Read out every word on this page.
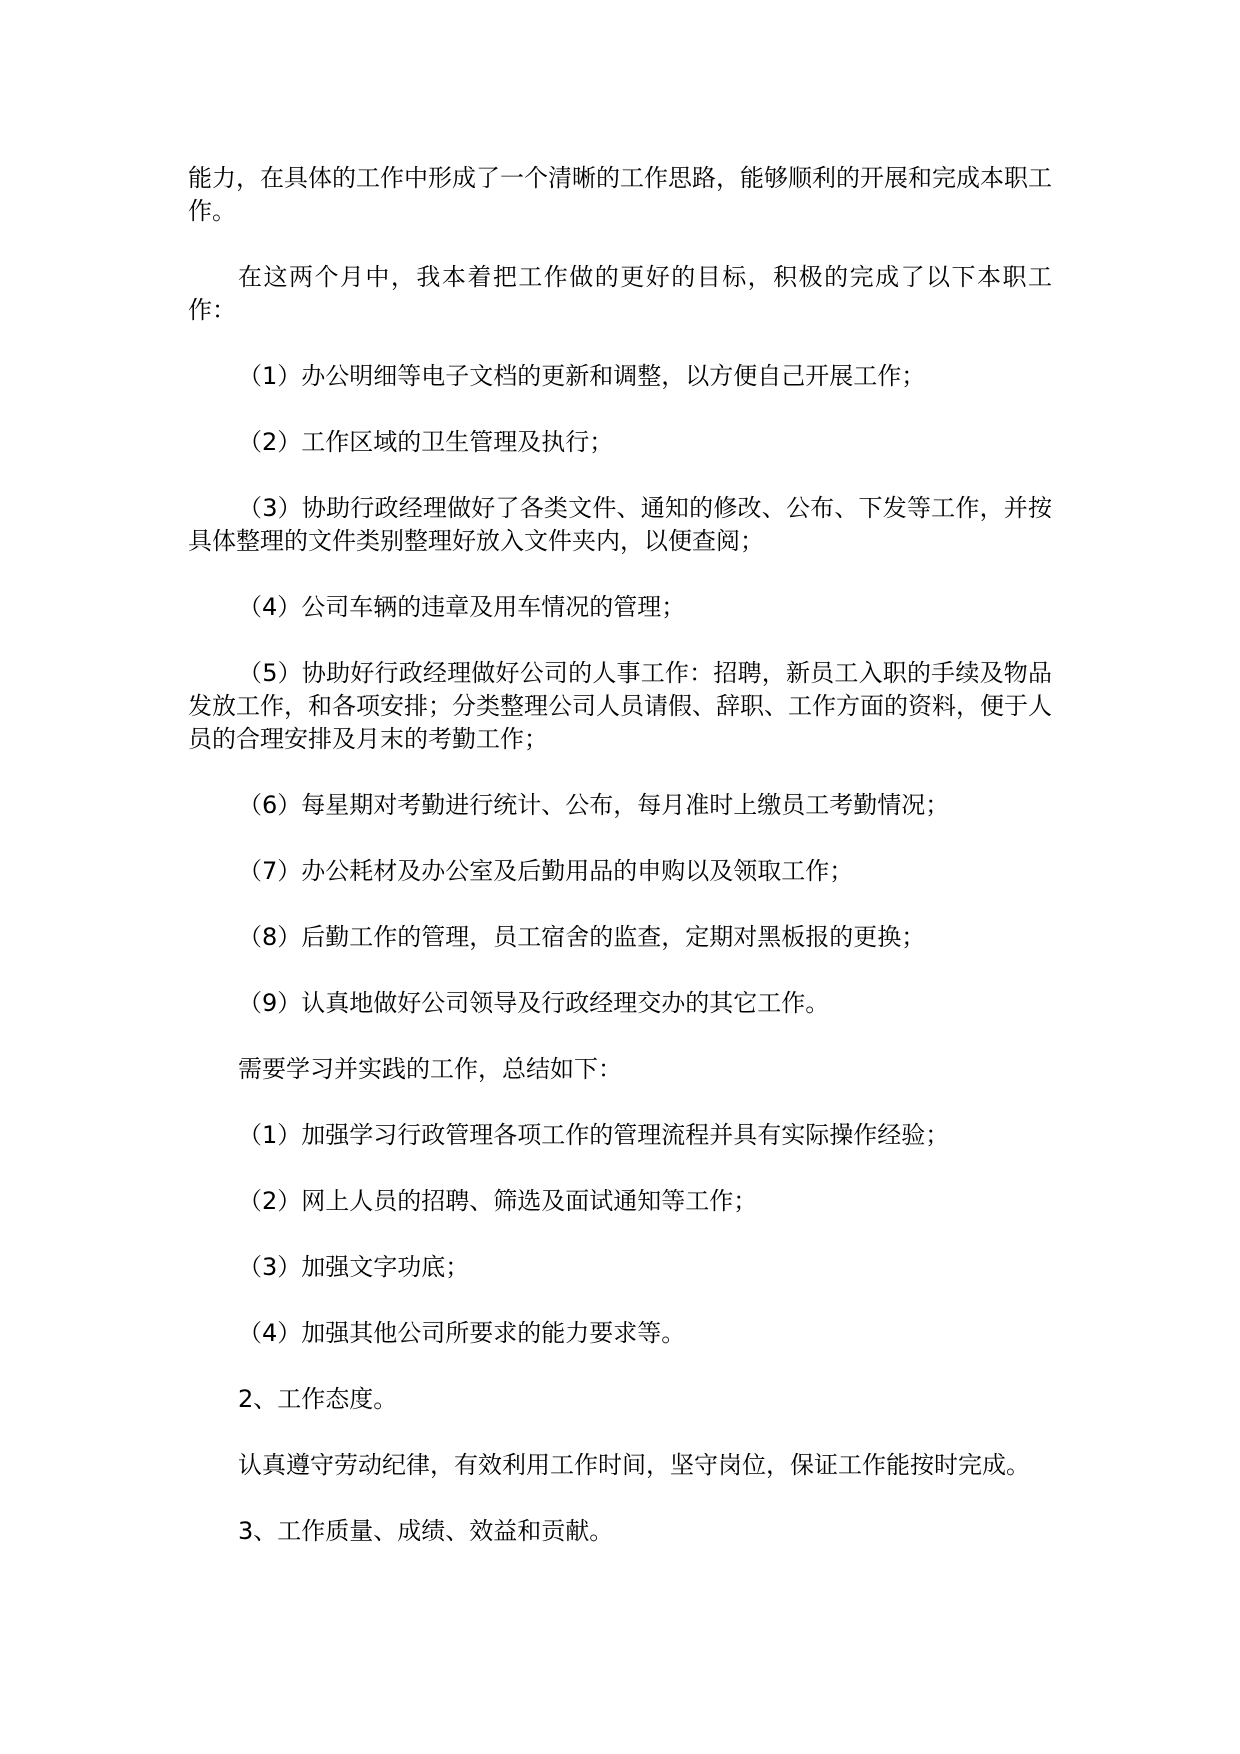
能力，在具体的工作中形成了一个清晰的工作思路，能够顺利的开展和完成本职工作。

在这两个月中，我本着把工作做的更好的目标，积极的完成了以下本职工作：

（1）办公明细等电子文档的更新和调整，以方便自己开展工作；

（2）工作区域的卫生管理及执行；

（3）协助行政经理做好了各类文件、通知的修改、公布、下发等工作，并按具体整理的文件类别整理好放入文件夹内，以便查阅；

（4）公司车辆的违章及用车情况的管理；

（5）协助好行政经理做好公司的人事工作：招聘，新员工入职的手续及物品发放工作，和各项安排；分类整理公司人员请假、辞职、工作方面的资料，便于人员的合理安排及月末的考勤工作；

（6）每星期对考勤进行统计、公布，每月准时上缴员工考勤情况；

（7）办公耗材及办公室及后勤用品的申购以及领取工作；

（8）后勤工作的管理，员工宿舍的监查，定期对黑板报的更换；

（9）认真地做好公司领导及行政经理交办的其它工作。

需要学习并实践的工作，总结如下：

（1）加强学习行政管理各项工作的管理流程并具有实际操作经验；

（2）网上人员的招聘、筛选及面试通知等工作；

（3）加强文字功底；

（4）加强其他公司所要求的能力要求等。

2、工作态度。

认真遵守劳动纪律，有效利用工作时间，坚守岗位，保证工作能按时完成。

3、工作质量、成绩、效益和贡献。
